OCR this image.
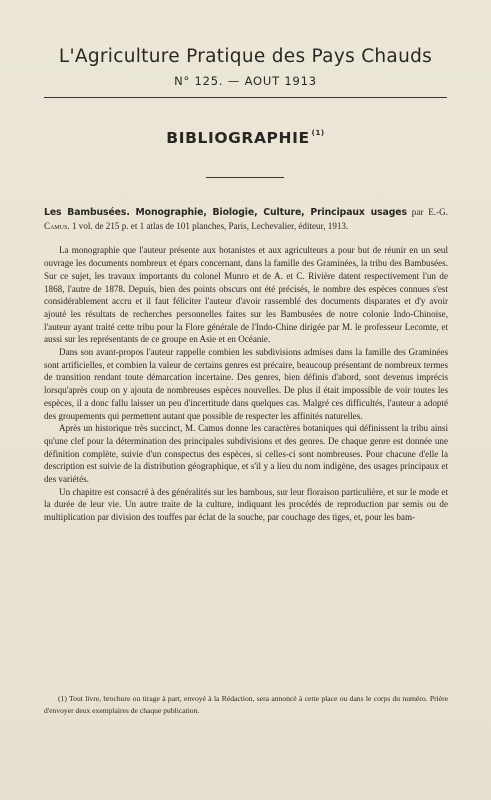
L'Agriculture Pratique des Pays Chauds
N° 125. — AOUT 1913
BIBLIOGRAPHIE $^{(1)}$

Les Bambusées. Monographie, Biologie, Culture, Principaux usages par E.-G. Camus. 1 vol. de 215 p. et 1 atlas de 101 planches, Paris, Lechevalier, éditeur, 1913.

La monographie que l'auteur présente aux botanistes et aux agriculteurs a pour but de réunir en un seul ouvrage les documents nombreux et épars concernant, dans la famille des Graminées, la tribu des Bambusées. Sur ce sujet, les travaux importants du colonel Munro et de A. et C. Rivière datent respectivement l'un de 1868, l'autre de 1878. Depuis, bien des points obscurs ont été précisés, le nombre des espèces connues s'est considérablement accru et il faut féliciter l'auteur d'avoir rassemblé des documents disparates et d'y avoir ajouté les résultats de recherches personnelles faites sur les Bambusées de notre colonie Indo-Chinoise, l'auteur ayant traité cette tribu pour la Flore générale de l'Indo-Chine dirigée par M. le professeur Lecomte, et aussi sur les représentants de ce groupe en Asie et en Océanie.

Dans son avant-propos l'auteur rappelle combien les subdivisions admises dans la famille des Graminées sont artificielles, et combien la valeur de certains genres est précaire, beaucoup présentant de nombreux termes de transition rendant toute démarcation incertaine. Des genres, bien définis d'abord, sont devenus imprécis lorsqu'après coup on y ajouta de nombreuses espèces nouvelles. De plus il était impossible de voir toutes les espèces, il a donc fallu laisser un peu d'incertitude dans quelques cas. Malgré ces difficultés, l'auteur a adopté des groupements qui permettent autant que possible de respecter les affinités naturelles.

Après un historique très succinct, M. Camus donne les caractères botaniques qui définissent la tribu ainsi qu'une clef pour la détermination des principales subdivisions et des genres. De chaque genre est donnée une définition complète, suivie d'un conspectus des espèces, si celles-ci sont nombreuses. Pour chacune d'elle la description est suivie de la distribution géographique, et s'il y a lieu du nom indigène, des usages principaux et des variétés.

Un chapitre est consacré à des généralités sur les bambous, sur leur floraison particulière, et sur le mode et la durée de leur vie. Un autre traite de la culture, indiquant les procédés de reproduction par semis ou de multiplication par division des touffes par éclat de la souche, par couchage des tiges, et, pour les bam-

(1) Tout livre, brochure ou tirage à part, envoyé à la Rédaction, sera annoncé à cette place ou dans le corps du numéro. Prière d'envoyer deux exemplaires de chaque publication.
